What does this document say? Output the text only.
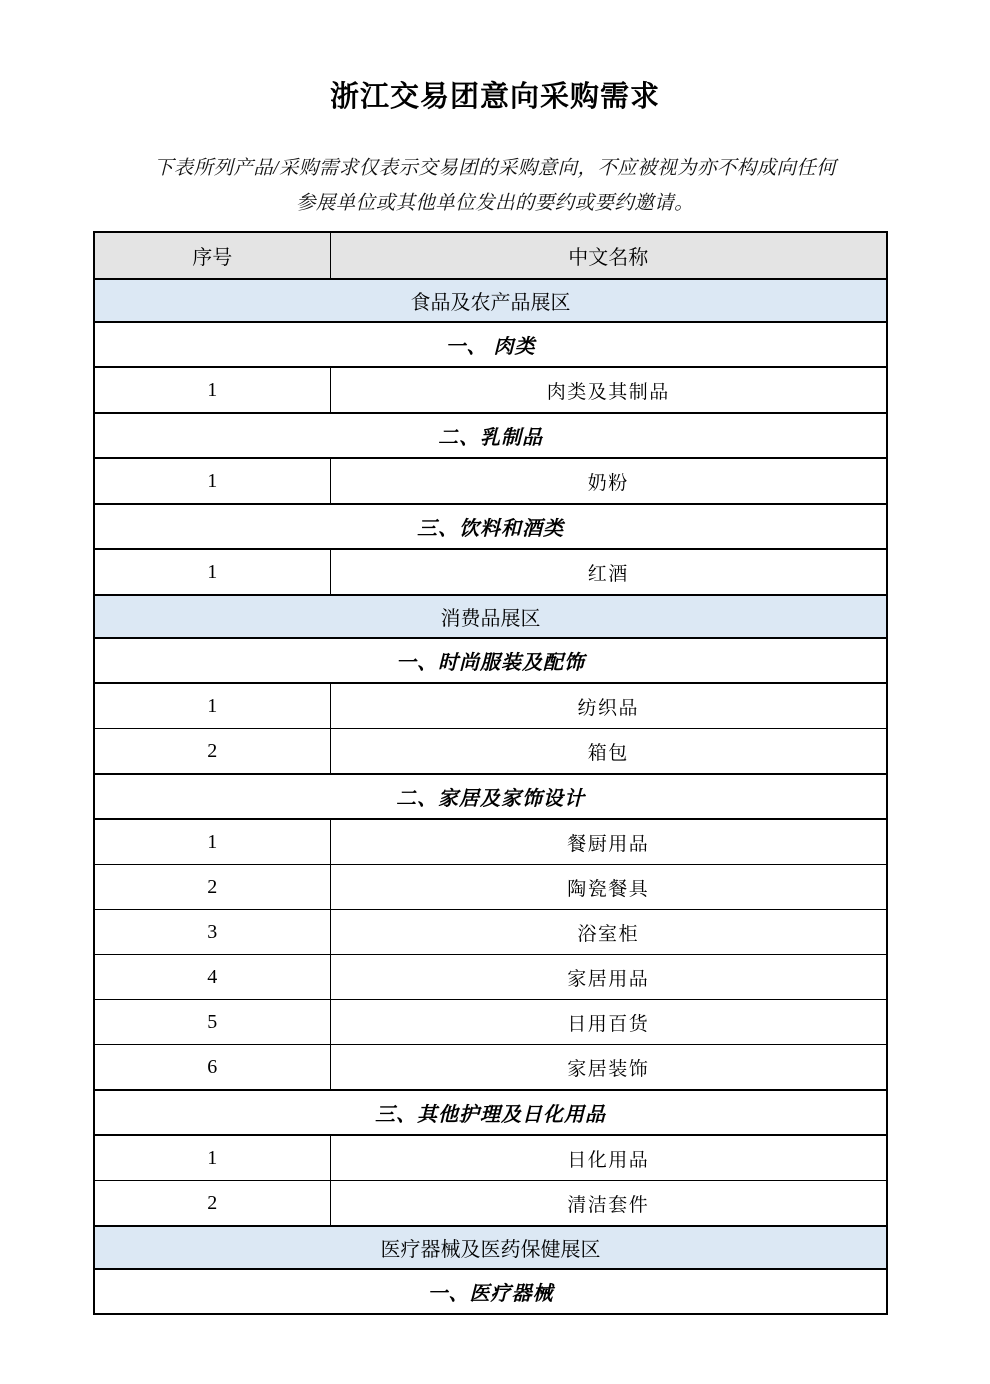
浙江交易团意向采购需求
下表所列产品/采购需求仅表示交易团的采购意向，不应被视为亦不构成向任何
参展单位或其他单位发出的要约或要约邀请。
序号	中文名称
食品及农产品展区	
一、 肉类	
1	肉类及其制品
二、乳制品	
1	奶粉
三、饮料和酒类	
1	红酒
消费品展区	
一、时尚服装及配饰	
1	纺织品
2	箱包
二、家居及家饰设计	
1	餐厨用品
2	陶瓷餐具
3	浴室柜
4	家居用品
5	日用百货
6	家居装饰
三、其他护理及日化用品	
1	日化用品
2	清洁套件
医疗器械及医药保健展区	
一、医疗器械	
